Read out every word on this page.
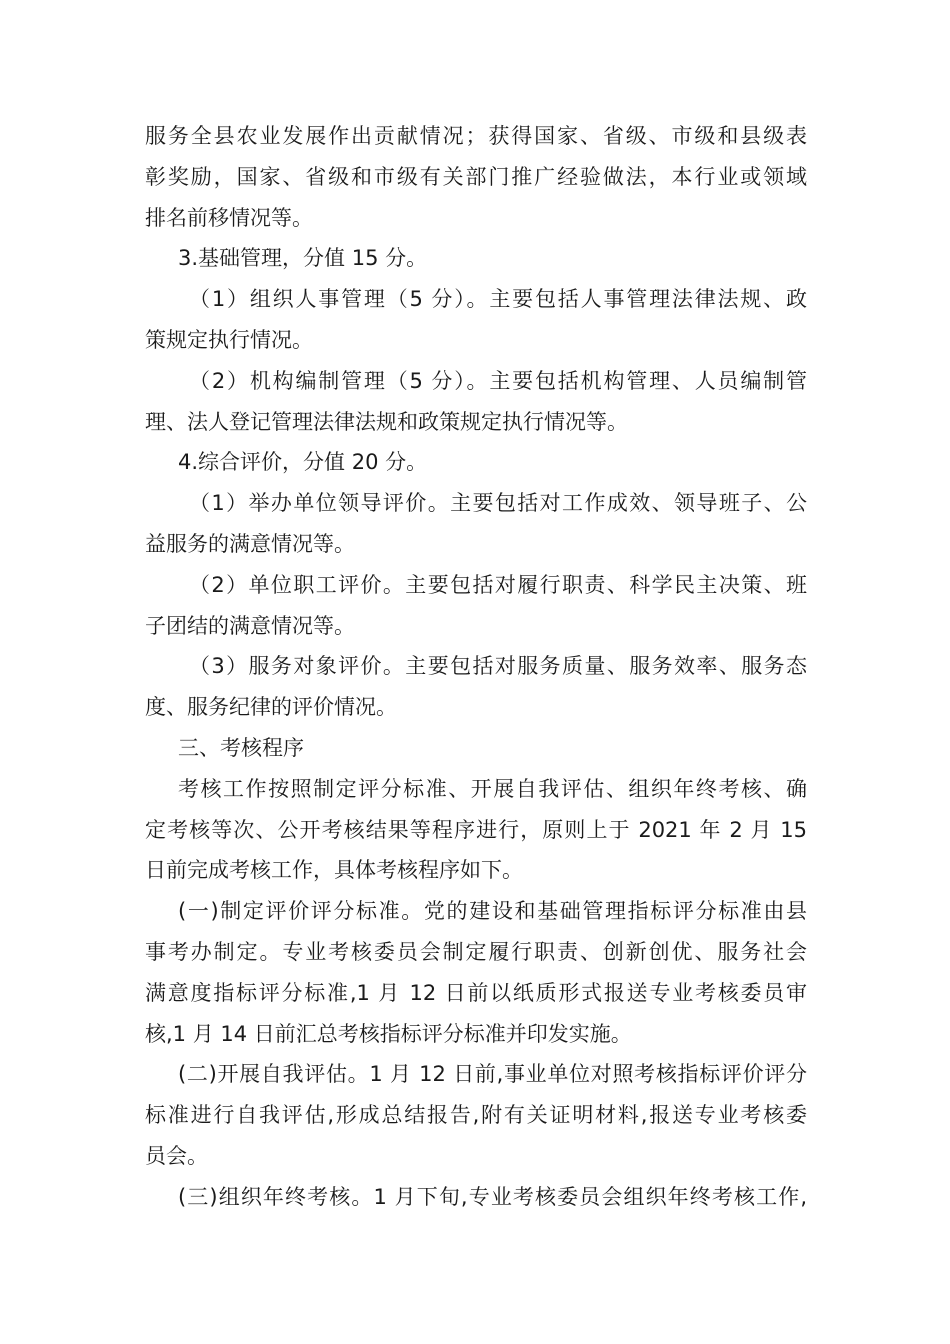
服务全县农业发展作出贡献情况；获得国家、省级、市级和县级表

彰奖励，国家、省级和市级有关部门推广经验做法，本行业或领域

排名前移情况等。

3.基础管理，分值 15 分。

（1）组织人事管理（5 分）。主要包括人事管理法律法规、政

策规定执行情况。

（2）机构编制管理（5 分）。主要包括机构管理、人员编制管

理、法人登记管理法律法规和政策规定执行情况等。

4.综合评价，分值 20 分。

（1）举办单位领导评价。主要包括对工作成效、领导班子、公

益服务的满意情况等。

（2）单位职工评价。主要包括对履行职责、科学民主决策、班

子团结的满意情况等。

（3）服务对象评价。主要包括对服务质量、服务效率、服务态

度、服务纪律的评价情况。

三、考核程序

考核工作按照制定评分标准、开展自我评估、组织年终考核、确

定考核等次、公开考核结果等程序进行，原则上于 2021 年 2 月 15

日前完成考核工作，具体考核程序如下。

(一)制定评价评分标准。党的建设和基础管理指标评分标准由县

事考办制定。专业考核委员会制定履行职责、创新创优、服务社会

满意度指标评分标准,1 月 12 日前以纸质形式报送专业考核委员审

核,1 月 14 日前汇总考核指标评分标准并印发实施。

(二)开展自我评估。1 月 12 日前,事业单位对照考核指标评价评分

标准进行自我评估,形成总结报告,附有关证明材料,报送专业考核委

员会。

(三)组织年终考核。1 月下旬,专业考核委员会组织年终考核工作,
